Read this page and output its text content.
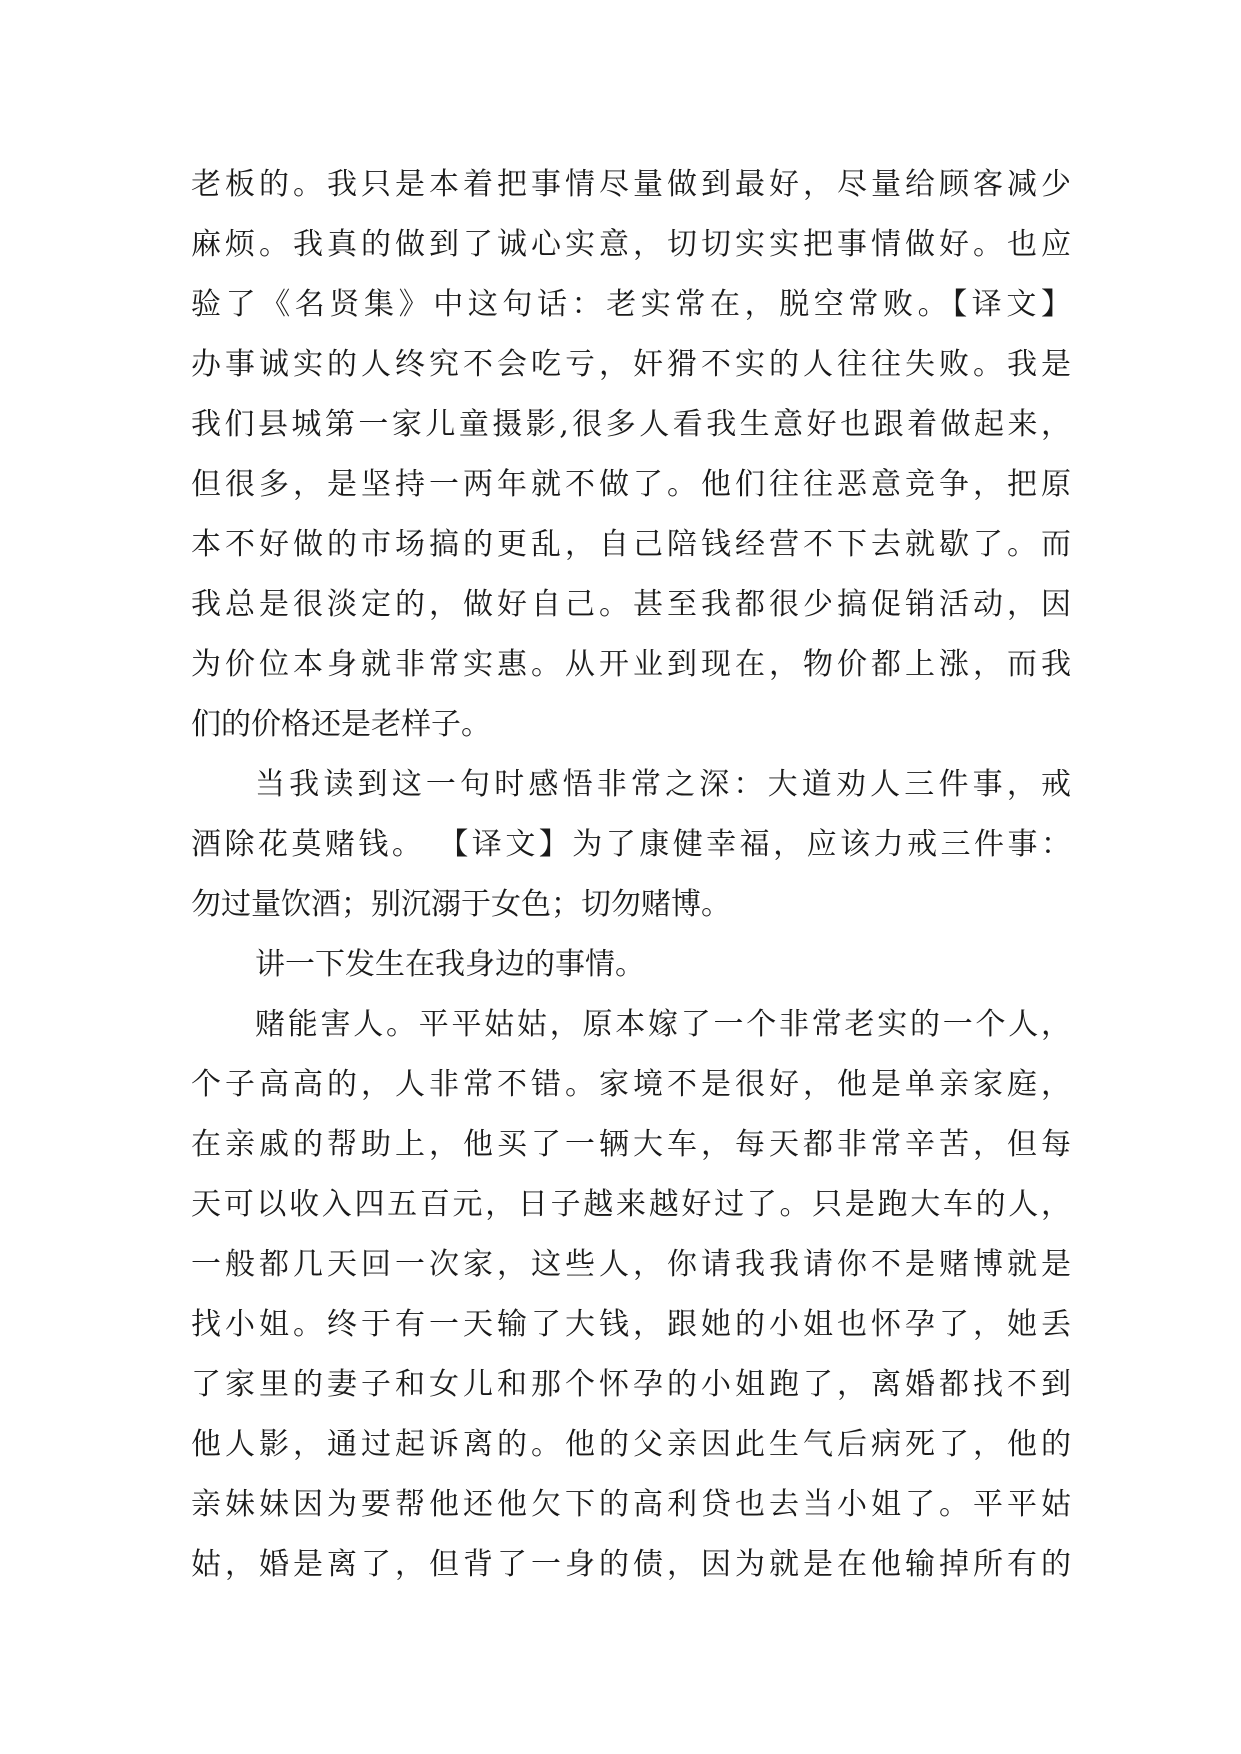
老板的。我只是本着把事情尽量做到最好，尽量给顾客减少
麻烦。我真的做到了诚心实意，切切实实把事情做好。也应
验了《名贤集》中这句话：老实常在，脱空常败。【译文】
办事诚实的人终究不会吃亏，奸猾不实的人往往失败。我是
我们县城第一家儿童摄影,很多人看我生意好也跟着做起来，
但很多，是坚持一两年就不做了。他们往往恶意竞争，把原
本不好做的市场搞的更乱，自己陪钱经营不下去就歇了。而
我总是很淡定的，做好自己。甚至我都很少搞促销活动，因
为价位本身就非常实惠。从开业到现在，物价都上涨，而我
们的价格还是老样子。
当我读到这一句时感悟非常之深：大道劝人三件事，戒
酒除花莫赌钱。 【译文】为了康健幸福，应该力戒三件事：
勿过量饮酒；别沉溺于女色；切勿赌博。
讲一下发生在我身边的事情。
赌能害人。平平姑姑，原本嫁了一个非常老实的一个人，
个子高高的，人非常不错。家境不是很好，他是单亲家庭，
在亲戚的帮助上，他买了一辆大车，每天都非常辛苦，但每
天可以收入四五百元，日子越来越好过了。只是跑大车的人，
一般都几天回一次家，这些人，你请我我请你不是赌博就是
找小姐。终于有一天输了大钱，跟她的小姐也怀孕了，她丢
了家里的妻子和女儿和那个怀孕的小姐跑了，离婚都找不到
他人影，通过起诉离的。他的父亲因此生气后病死了，他的
亲妹妹因为要帮他还他欠下的高利贷也去当小姐了。平平姑
姑，婚是离了，但背了一身的债，因为就是在他输掉所有的
